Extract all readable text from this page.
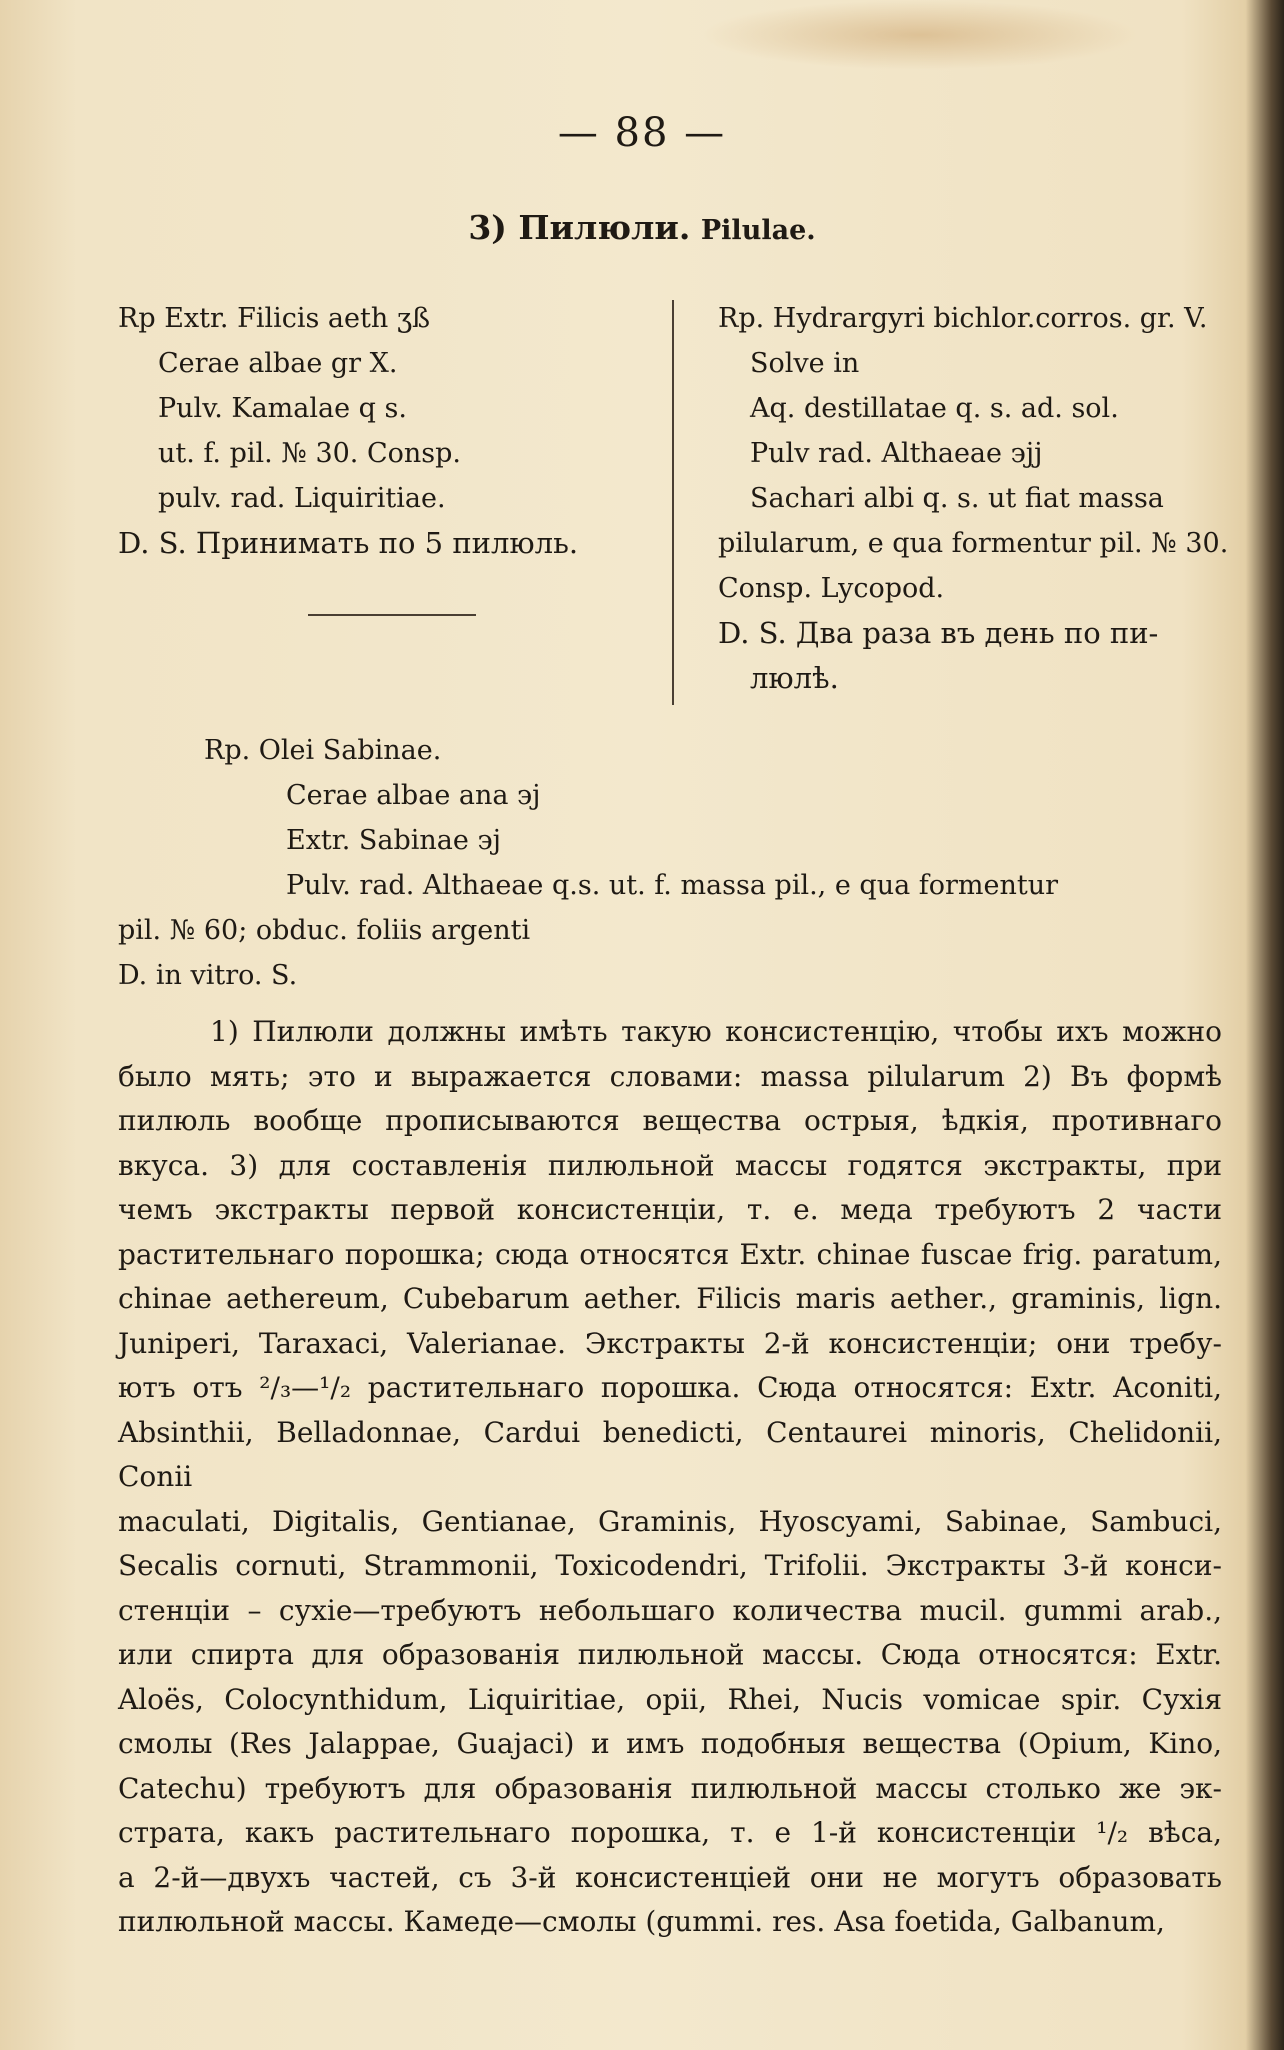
— 88 —
3) Пилюли. Pilulae.
Rp Extr. Filicis aeth ʒß
Cerae albae gr X.
Pulv. Kamalae q s.
ut. f. pil. № 30. Consp.
pulv. rad. Liquiritiae.
D. S. Принимать по 5 пилюль.
Rp. Hydrargyri bichlor.corros. gr. V.
Solve in
Aq. destillatae q. s. ad. sol.
Pulv rad. Althaeae ϶jj
Sachari albi q. s. ut fiat massa
pilularum, e qua formentur pil. № 30.
Consp. Lycopod.
D. S. Два раза въ день по пи-
люлѣ.
Rp. Olei Sabinae.
Cerae albae ana ϶j
Extr. Sabinae ϶j
Pulv. rad. Althaeae q.s. ut. f. massa pil., e qua formentur
pil. № 60; obduc. foliis argenti
D. in vitro. S.

1) Пилюли должны имѣть такую консистенцію, чтобы ихъ можно

было мять; это и выражается словами: massa pilularum 2) Въ формѣ

пилюль вообще прописываются вещества острыя, ѣдкія, противнаго

вкуса. 3) для составленія пилюльной массы годятся экстракты, при

чемъ экстракты первой консистенціи, т. е. меда требуютъ 2 части

растительнаго порошка; сюда относятся Extr. chinae fuscae frig. paratum,

chinae aethereum, Cubebarum aether. Filicis maris aether., graminis, lign.

Juniperi, Taraxaci, Valerianae. Экстракты 2-й консистенціи; они требу-

ютъ отъ ²/₃—¹/₂ растительнаго порошка. Сюда относятся: Extr. Aconiti,

Absinthii, Belladonnae, Cardui benedicti, Centaurei minoris, Chelidonii, Conii

maculati, Digitalis, Gentianae, Graminis, Hyoscyami, Sabinae, Sambuci,

Secalis cornuti, Strammonii, Toxicodendri, Trifolii. Экстракты 3-й конси-

стенціи – сухіе—требуютъ небольшаго количества mucil. gummi arab.,

или спирта для образованія пилюльной массы. Сюда относятся: Extr.

Aloës, Colocynthidum, Liquiritiae, opii, Rhei, Nucis vomicae spir. Сухія

смолы (Res Jalappae, Guajaci) и имъ подобныя вещества (Opium, Kino,

Catechu) требуютъ для образованія пилюльной массы столько же эк-

страта, какъ растительнаго порошка, т. е 1-й консистенціи ¹/₂ вѣса,

а 2-й—двухъ частей, съ 3-й консистенціей они не могутъ образовать

пилюльной массы. Камеде—смолы (gummi. res. Asa foetida, Galbanum,
